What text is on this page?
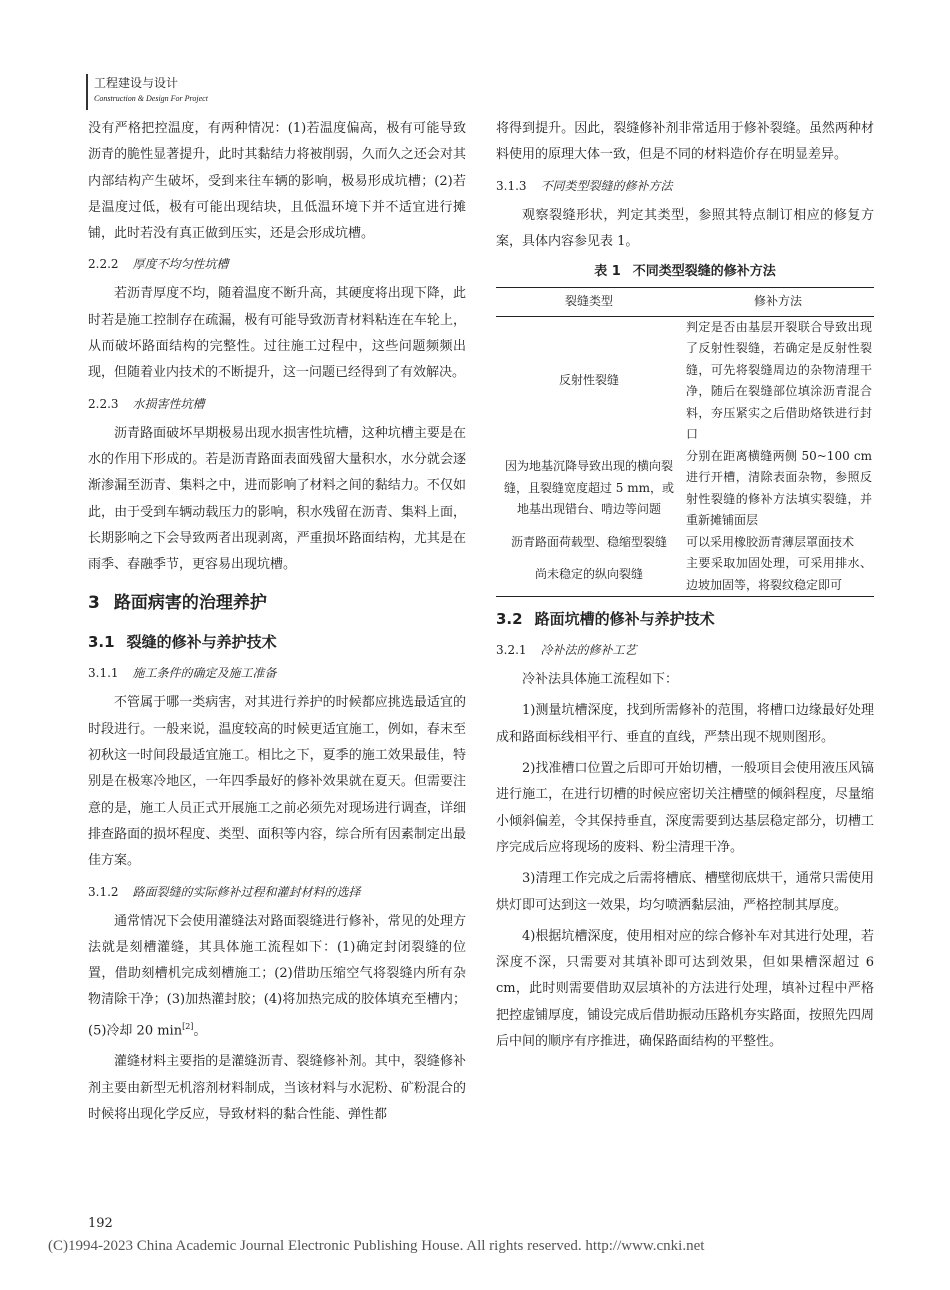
工程建设与设计
Construction & Design For Project

没有严格把控温度，有两种情况：(1)若温度偏高，极有可能导致沥青的脆性显著提升，此时其黏结力将被削弱，久而久之还会对其内部结构产生破坏，受到来往车辆的影响，极易形成坑槽；(2)若是温度过低，极有可能出现结块，且低温环境下并不适宜进行摊铺，此时若没有真正做到压实，还是会形成坑槽。

2.2.2 厚度不均匀性坑槽

若沥青厚度不均，随着温度不断升高，其硬度将出现下降，此时若是施工控制存在疏漏，极有可能导致沥青材料粘连在车轮上，从而破坏路面结构的完整性。过往施工过程中，这些问题频频出现，但随着业内技术的不断提升，这一问题已经得到了有效解决。

2.2.3 水损害性坑槽

沥青路面破坏早期极易出现水损害性坑槽，这种坑槽主要是在水的作用下形成的。若是沥青路面表面残留大量积水，水分就会逐渐渗漏至沥青、集料之中，进而影响了材料之间的黏结力。不仅如此，由于受到车辆动载压力的影响，积水残留在沥青、集料上面，长期影响之下会导致两者出现剥离，严重损坏路面结构，尤其是在雨季、春融季节，更容易出现坑槽。

3 路面病害的治理养护
3.1 裂缝的修补与养护技术
3.1.1 施工条件的确定及施工准备

不管属于哪一类病害，对其进行养护的时候都应挑选最适宜的时段进行。一般来说，温度较高的时候更适宜施工，例如，春末至初秋这一时间段最适宜施工。相比之下，夏季的施工效果最佳，特别是在极寒冷地区，一年四季最好的修补效果就在夏天。但需要注意的是，施工人员正式开展施工之前必须先对现场进行调查，详细排查路面的损坏程度、类型、面积等内容，综合所有因素制定出最佳方案。

3.1.2 路面裂缝的实际修补过程和灌封材料的选择

通常情况下会使用灌缝法对路面裂缝进行修补，常见的处理方法就是刻槽灌缝，其具体施工流程如下：(1)确定封闭裂缝的位置，借助刻槽机完成刻槽施工；(2)借助压缩空气将裂缝内所有杂物清除干净；(3)加热灌封胶；(4)将加热完成的胶体填充至槽内；(5)冷却 20 min[2]。

灌缝材料主要指的是灌缝沥青、裂缝修补剂。其中，裂缝修补剂主要由新型无机溶剂材料制成，当该材料与水泥粉、矿粉混合的时候将出现化学反应，导致材料的黏合性能、弹性都

将得到提升。因此，裂缝修补剂非常适用于修补裂缝。虽然两种材料使用的原理大体一致，但是不同的材料造价存在明显差异。

3.1.3 不同类型裂缝的修补方法

观察裂缝形状，判定其类型，参照其特点制订相应的修复方案，具体内容参见表 1。

表 1 不同类型裂缝的修补方法
裂缝类型	修补方法
反射性裂缝	判定是否由基层开裂联合导致出现了反射性裂缝，若确定是反射性裂缝，可先将裂缝周边的杂物清理干净，随后在裂缝部位填涂沥青混合料，夯压紧实之后借助烙铁进行封口
因为地基沉降导致出现的横向裂缝，且裂缝宽度超过 5 mm，或地基出现错台、啃边等问题	分别在距离横缝两侧 50~100 cm 进行开槽，清除表面杂物，参照反射性裂缝的修补方法填实裂缝，并重新摊铺面层
沥青路面荷载型、稳缩型裂缝	可以采用橡胶沥青薄层罩面技术
尚未稳定的纵向裂缝	主要采取加固处理，可采用排水、边坡加固等，将裂纹稳定即可
3.2 路面坑槽的修补与养护技术
3.2.1 冷补法的修补工艺

冷补法具体施工流程如下：

1)测量坑槽深度，找到所需修补的范围，将槽口边缘最好处理成和路面标线相平行、垂直的直线，严禁出现不规则图形。

2)找准槽口位置之后即可开始切槽，一般项目会使用液压风镐进行施工，在进行切槽的时候应密切关注槽壁的倾斜程度，尽量缩小倾斜偏差，令其保持垂直，深度需要到达基层稳定部分，切槽工序完成后应将现场的废料、粉尘清理干净。

3)清理工作完成之后需将槽底、槽壁彻底烘干，通常只需使用烘灯即可达到这一效果，均匀喷洒黏层油，严格控制其厚度。

4)根据坑槽深度，使用相对应的综合修补车对其进行处理，若深度不深，只需要对其填补即可达到效果，但如果槽深超过 6 cm，此时则需要借助双层填补的方法进行处理，填补过程中严格把控虚铺厚度，铺设完成后借助振动压路机夯实路面，按照先四周后中间的顺序有序推进，确保路面结构的平整性。

192
(C)1994-2023 China Academic Journal Electronic Publishing House. All rights reserved. http://www.cnki.net
